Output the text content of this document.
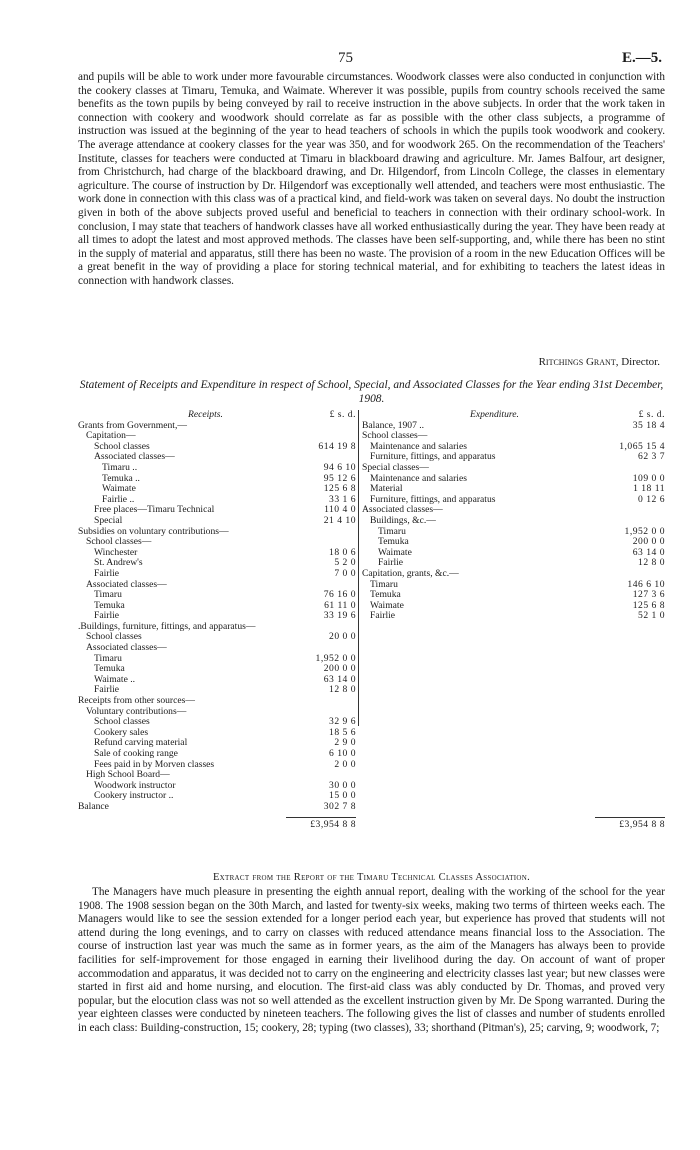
75	E.—5.

and pupils will be able to work under more favourable circumstances. Woodwork classes were also conducted in conjunction with the cookery classes at Timaru, Temuka, and Waimate. Wherever it was possible, pupils from country schools received the same benefits as the town pupils by being conveyed by rail to receive instruction in the above subjects. In order that the work taken in connection with cookery and woodwork should correlate as far as possible with the other class subjects, a programme of instruction was issued at the beginning of the year to head teachers of schools in which the pupils took woodwork and cookery. The average attendance at cookery classes for the year was 350, and for woodwork 265. On the recommendation of the Teachers' Institute, classes for teachers were conducted at Timaru in blackboard drawing and agriculture. Mr. James Balfour, art designer, from Christchurch, had charge of the blackboard drawing, and Dr. Hilgendorf, from Lincoln College, the classes in elementary agriculture. The course of instruction by Dr. Hilgendorf was exceptionally well attended, and teachers were most enthusiastic. The work done in connection with this class was of a practical kind, and field-work was taken on several days. No doubt the instruction given in both of the above subjects proved useful and beneficial to teachers in connection with their ordinary school-work. In conclusion, I may state that teachers of handwork classes have all worked enthusiastically during the year. They have been ready at all times to adopt the latest and most approved methods. The classes have been self-supporting, and, while there has been no stint in the supply of material and apparatus, still there has been no waste. The provision of a room in the new Education Offices will be a great benefit in the way of providing a place for storing technical material, and for exhibiting to teachers the latest ideas in connection with handwork classes.

Ritchings Grant, Director.
Statement of Receipts and Expenditure in respect of School, Special, and Associated Classes for the Year ending 31st December, 1908.
Receipts.	£ s. d.
Grants from Government,—
Capitation—
School classes	614 19 8
Associated classes—
Timaru ..	94 6 10
Temuka ..	95 12 6
Waimate	125 6 8
Fairlie ..	33 1 6
Free places—Timaru Technical	110 4 0
Special	21 4 10
Subsidies on voluntary contributions—
School classes—
Winchester	18 0 6
St. Andrew's	5 2 0
Fairlie	7 0 0
Associated classes—
Timaru	76 16 0
Temuka	61 11 0
Fairlie	33 19 6
.Buildings, furniture, fittings, and apparatus—
School classes	20 0 0
Associated classes—
Timaru	1,952 0 0
Temuka	200 0 0
Waimate ..	63 14 0
Fairlie	12 8 0
Receipts from other sources—
Voluntary contributions—
School classes	32 9 6
Cookery sales	18 5 6
Refund carving material	2 9 0
Sale of cooking range	6 10 0
Fees paid in by Morven classes	2 0 0
High School Board—
Woodwork instructor	30 0 0
Cookery instructor ..	15 0 0
Balance	302 7 8
£3,954 8 8
Expenditure.	£ s. d.
Balance, 1907 ..	35 18 4
School classes—
Maintenance and salaries	1,065 15 4
Furniture, fittings, and apparatus	62 3 7
Special classes—
Maintenance and salaries	109 0 0
Material	1 18 11
Furniture, fittings, and apparatus	0 12 6
Associated classes—
Buildings, &c.—
Timaru	1,952 0 0
Temuka	200 0 0
Waimate	63 14 0
Fairlie	12 8 0
Capitation, grants, &c.—
Timaru	146 6 10
Temuka	127 3 6
Waimate	125 6 8
Fairlie	52 1 0
£3,954 8 8
Extract from the Report of the Timaru Technical Classes Association.

The Managers have much pleasure in presenting the eighth annual report, dealing with the working of the school for the year 1908. The 1908 session began on the 30th March, and lasted for twenty-six weeks, making two terms of thirteen weeks each. The Managers would like to see the session extended for a longer period each year, but experience has proved that students will not attend during the long evenings, and to carry on classes with reduced attendance means financial loss to the Association. The course of instruction last year was much the same as in former years, as the aim of the Managers has always been to provide facilities for self-improvement for those engaged in earning their livelihood during the day. On account of want of proper accommodation and apparatus, it was decided not to carry on the engineering and electricity classes last year; but new classes were started in first aid and home nursing, and elocution. The first-aid class was ably conducted by Dr. Thomas, and proved very popular, but the elocution class was not so well attended as the excellent instruction given by Mr. De Spong warranted. During the year eighteen classes were conducted by nineteen teachers. The following gives the list of classes and number of students enrolled in each class: Building-construction, 15; cookery, 28; typing (two classes), 33; shorthand (Pitman's), 25; carving, 9; woodwork, 7;
